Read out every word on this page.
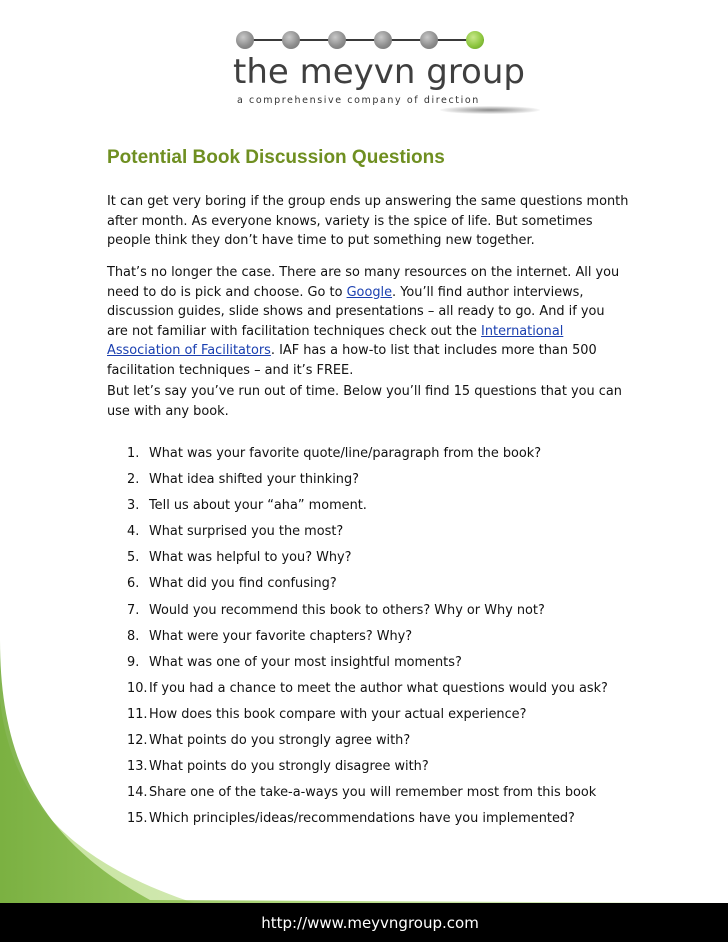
the meyvn group
a comprehensive company of direction
Potential Book Discussion Questions
It can get very boring if the group ends up answering the same questions month
after month. As everyone knows, variety is the spice of life. But sometimes
people think they don’t have time to put something new together.
That’s no longer the case. There are so many resources on the internet. All you
need to do is pick and choose. Go to Google. You’ll find author interviews,
discussion guides, slide shows and presentations – all ready to go. And if you
are not familiar with facilitation techniques check out the International
Association of Facilitators. IAF has a how-to list that includes more than 500
facilitation techniques – and it’s FREE.
But let’s say you’ve run out of time. Below you’ll find 15 questions that you can
use with any book.
1. What was your favorite quote/line/paragraph from the book?
2. What idea shifted your thinking?
3. Tell us about your “aha” moment.
4. What surprised you the most?
5. What was helpful to you? Why?
6. What did you find confusing?
7. Would you recommend this book to others? Why or Why not?
8. What were your favorite chapters? Why?
9. What was one of your most insightful moments?
10. If you had a chance to meet the author what questions would you ask?
11. How does this book compare with your actual experience?
12. What points do you strongly agree with?
13. What points do you strongly disagree with?
14. Share one of the take-a-ways you will remember most from this book
15. Which principles/ideas/recommendations have you implemented?
http://www.meyvngroup.com
